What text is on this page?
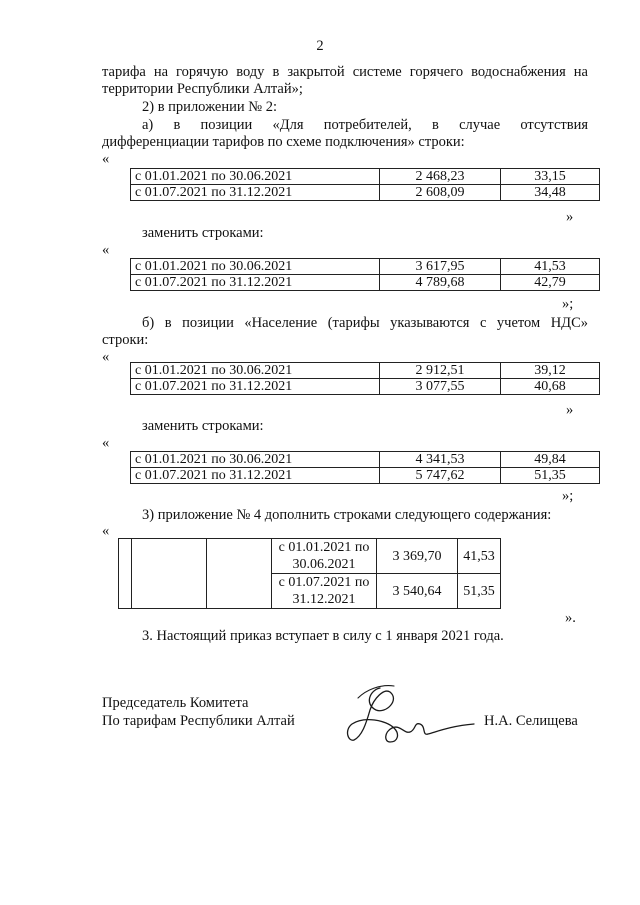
2
тарифа на горячую воду в закрытой системе горячего водоснабжения на
территории Республики Алтай»;
2) в приложении № 2:
а) в позиции «Для потребителей, в случае отсутствия
дифференциации тарифов по схеме подключения» строки:
«
с 01.01.2021 по 30.06.2021	2 468,23	33,15
с 01.07.2021 по 31.12.2021	2 608,09	34,48
»
заменить строками:
«
с 01.01.2021 по 30.06.2021	3 617,95	41,53
с 01.07.2021 по 31.12.2021	4 789,68	42,79
»;
б) в позиции «Население (тарифы указываются с учетом НДС»
строки:
«
с 01.01.2021 по 30.06.2021	2 912,51	39,12
с 01.07.2021 по 31.12.2021	3 077,55	40,68
»
заменить строками:
«
с 01.01.2021 по 30.06.2021	4 341,53	49,84
с 01.07.2021 по 31.12.2021	5 747,62	51,35
»;
3) приложение № 4 дополнить строками следующего содержания:
«
			с 01.01.2021 по
30.06.2021	3 369,70	41,53
			с 01.07.2021 по
31.12.2021	3 540,64	51,35
».
3. Настоящий приказ вступает в силу с 1 января 2021 года.
Председатель Комитета
По тарифам Республики Алтай	Н.А. Селищева
